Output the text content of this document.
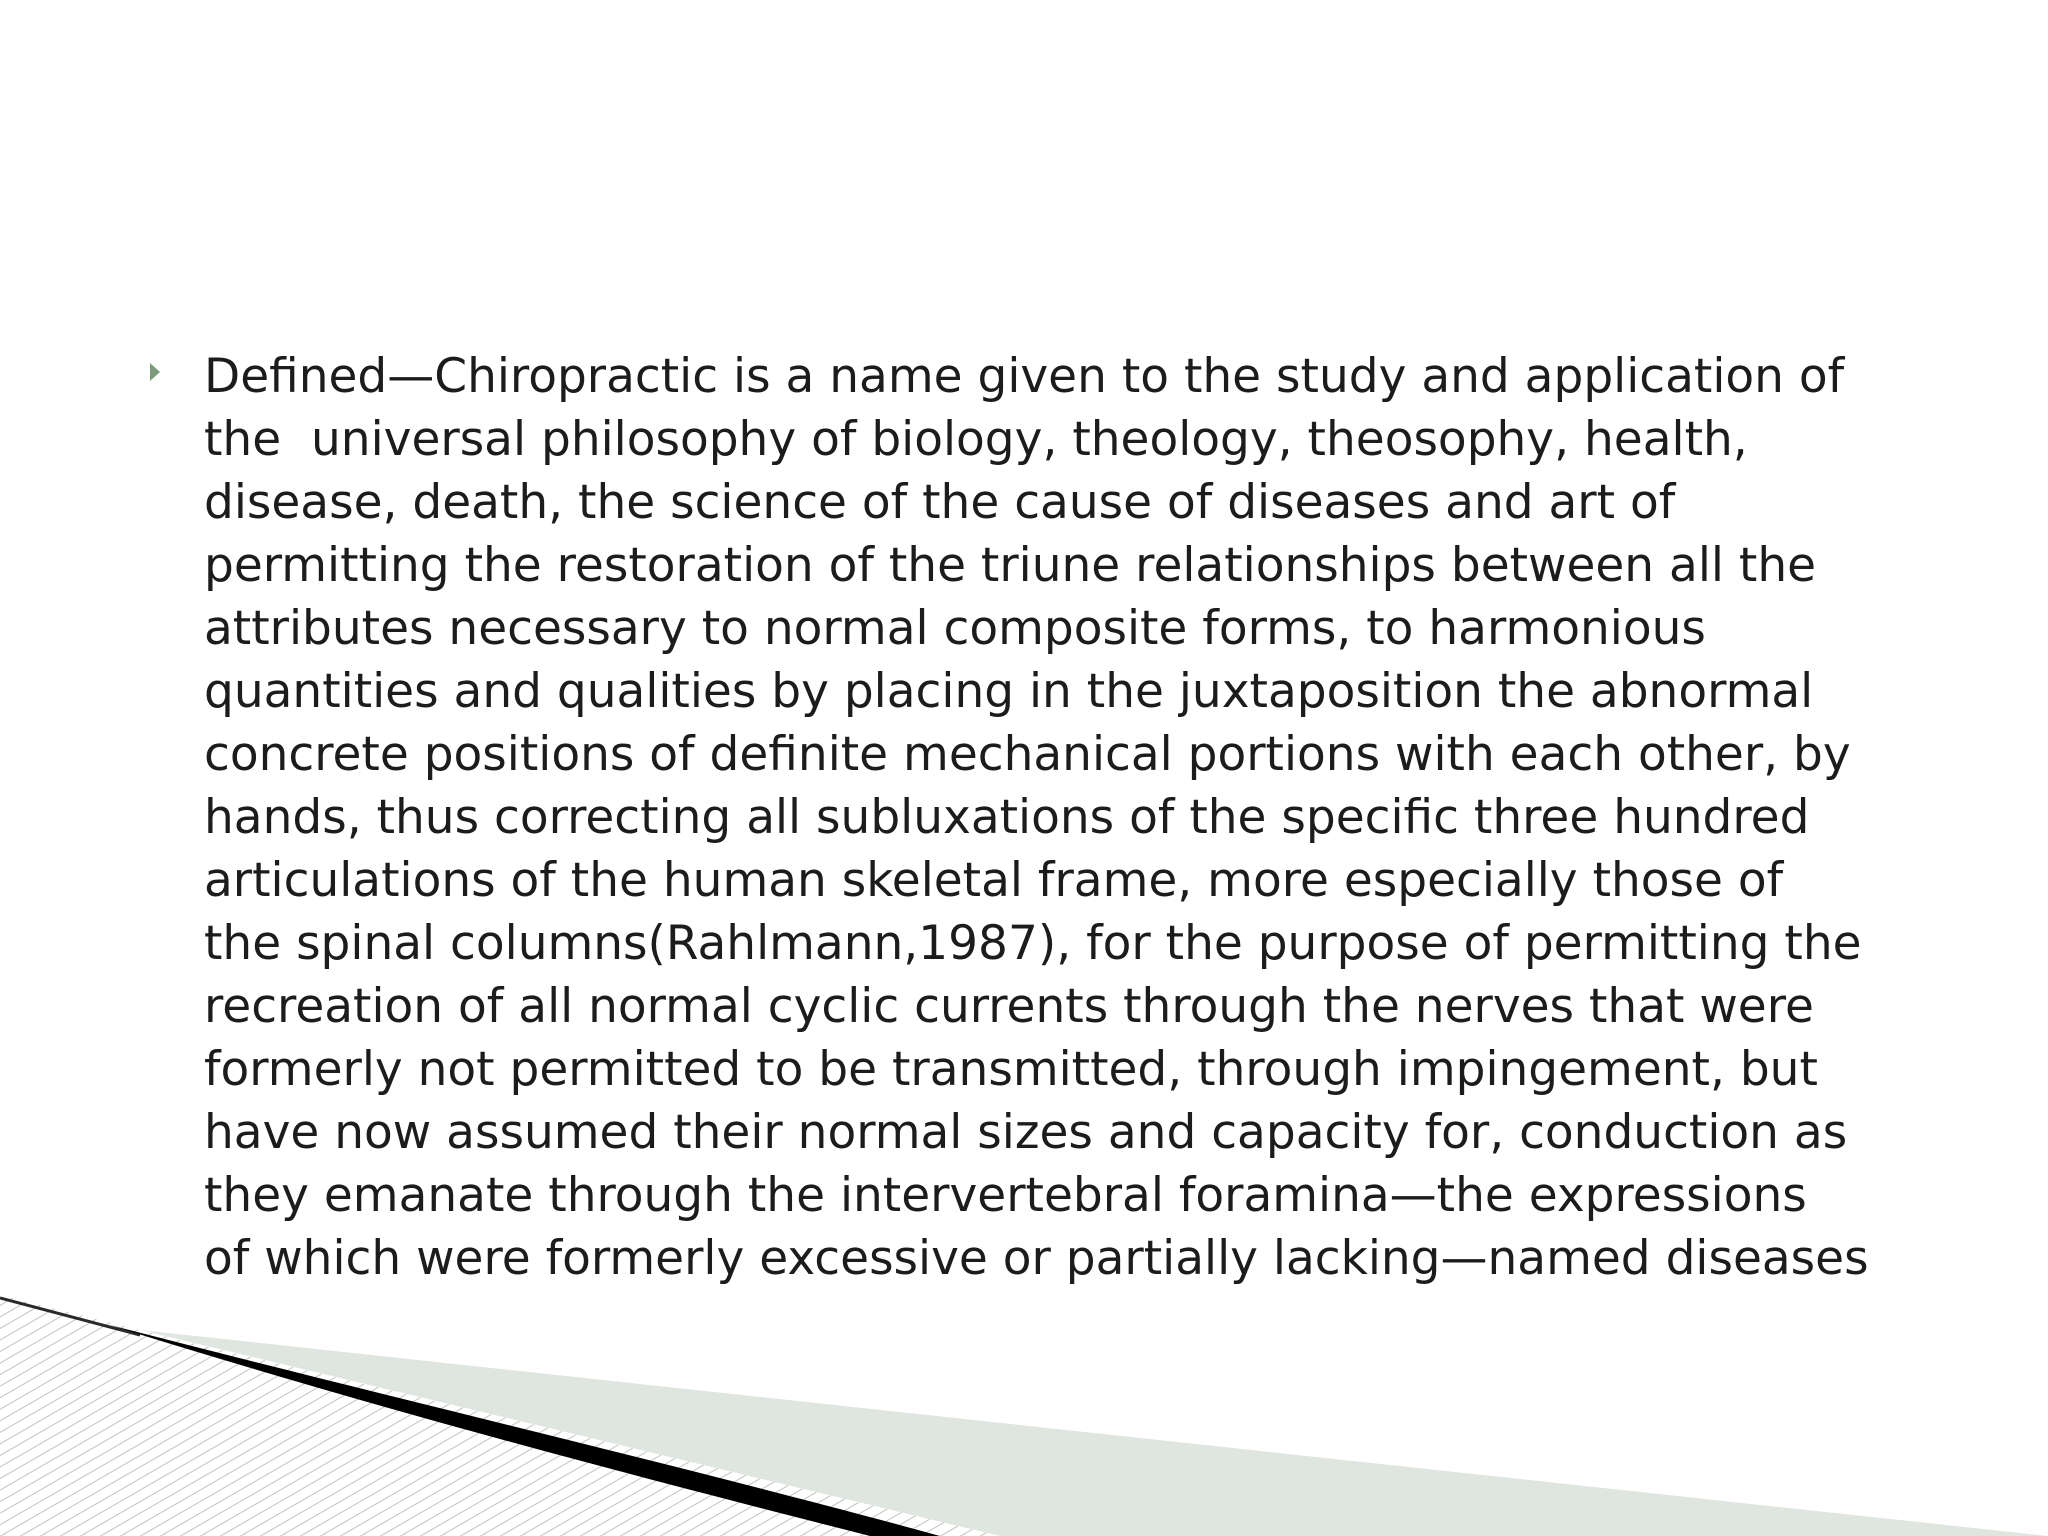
Defined—Chiropractic is a name given to the study and application of
the  universal philosophy of biology, theology, theosophy, health,
disease, death, the science of the cause of diseases and art of
permitting the restoration of the triune relationships between all the
attributes necessary to normal composite forms, to harmonious
quantities and qualities by placing in the juxtaposition the abnormal
concrete positions of definite mechanical portions with each other, by
hands, thus correcting all subluxations of the specific three hundred
articulations of the human skeletal frame, more especially those of
the spinal columns(Rahlmann,1987), for the purpose of permitting the
recreation of all normal cyclic currents through the nerves that were
formerly not permitted to be transmitted, through impingement, but
have now assumed their normal sizes and capacity for, conduction as
they emanate through the intervertebral foramina—the expressions
of which were formerly excessive or partially lacking—named diseases
